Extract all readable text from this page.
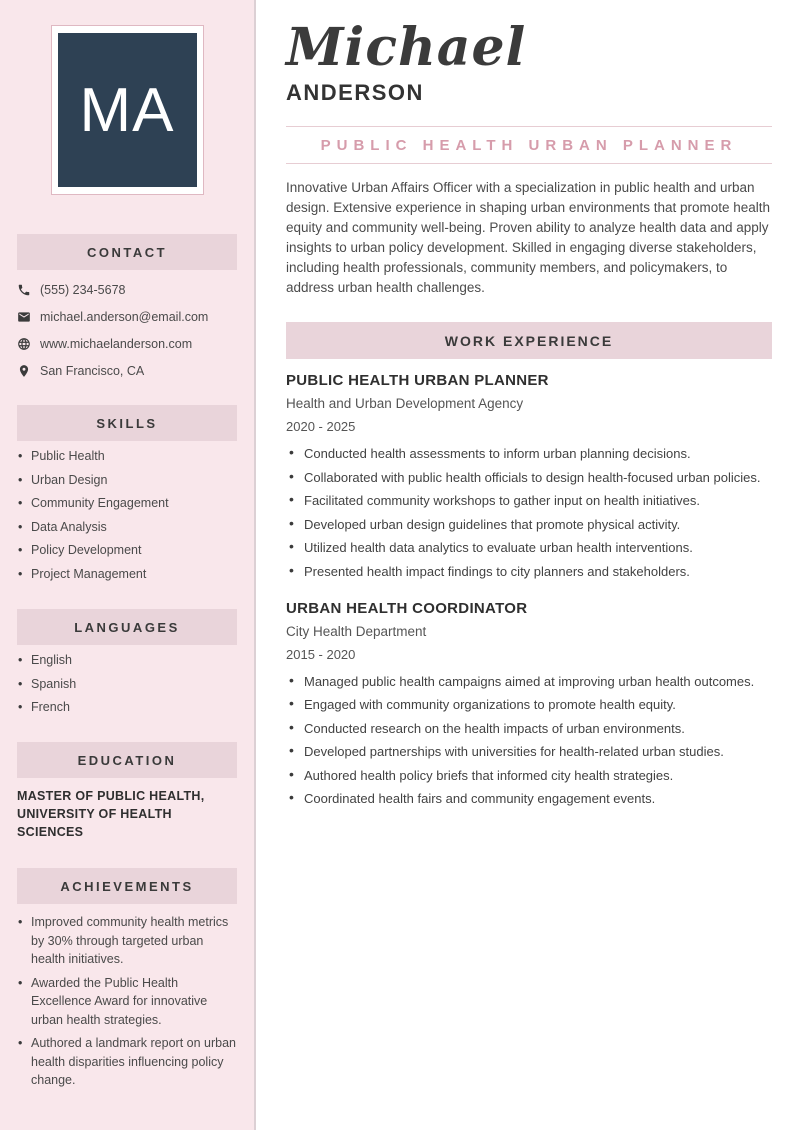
MA
CONTACT
(555) 234-5678
michael.anderson@email.com
www.michaelanderson.com
San Francisco, CA
SKILLS
• Public Health
• Urban Design
• Community Engagement
• Data Analysis
• Policy Development
• Project Management
LANGUAGES
• English
• Spanish
• French
EDUCATION
MASTER OF PUBLIC HEALTH,
UNIVERSITY OF HEALTH SCIENCES
ACHIEVEMENTS
• Improved community health metrics by 30% through targeted urban health initiatives.
• Awarded the Public Health Excellence Award for innovative urban health strategies.
• Authored a landmark report on urban health disparities influencing policy change.
Michael
ANDERSON
PUBLIC HEALTH URBAN PLANNER

Innovative Urban Affairs Officer with a specialization in public health and urban design. Extensive experience in shaping urban environments that promote health equity and community well-being. Proven ability to analyze health data and apply insights to urban policy development. Skilled in engaging diverse stakeholders, including health professionals, community members, and policymakers, to address urban health challenges.

WORK EXPERIENCE
PUBLIC HEALTH URBAN PLANNER
Health and Urban Development Agency
2020 - 2025
• Conducted health assessments to inform urban planning decisions.
• Collaborated with public health officials to design health-focused urban policies.
• Facilitated community workshops to gather input on health initiatives.
• Developed urban design guidelines that promote physical activity.
• Utilized health data analytics to evaluate urban health interventions.
• Presented health impact findings to city planners and stakeholders.
URBAN HEALTH COORDINATOR
City Health Department
2015 - 2020
• Managed public health campaigns aimed at improving urban health outcomes.
• Engaged with community organizations to promote health equity.
• Conducted research on the health impacts of urban environments.
• Developed partnerships with universities for health-related urban studies.
• Authored health policy briefs that informed city health strategies.
• Coordinated health fairs and community engagement events.
